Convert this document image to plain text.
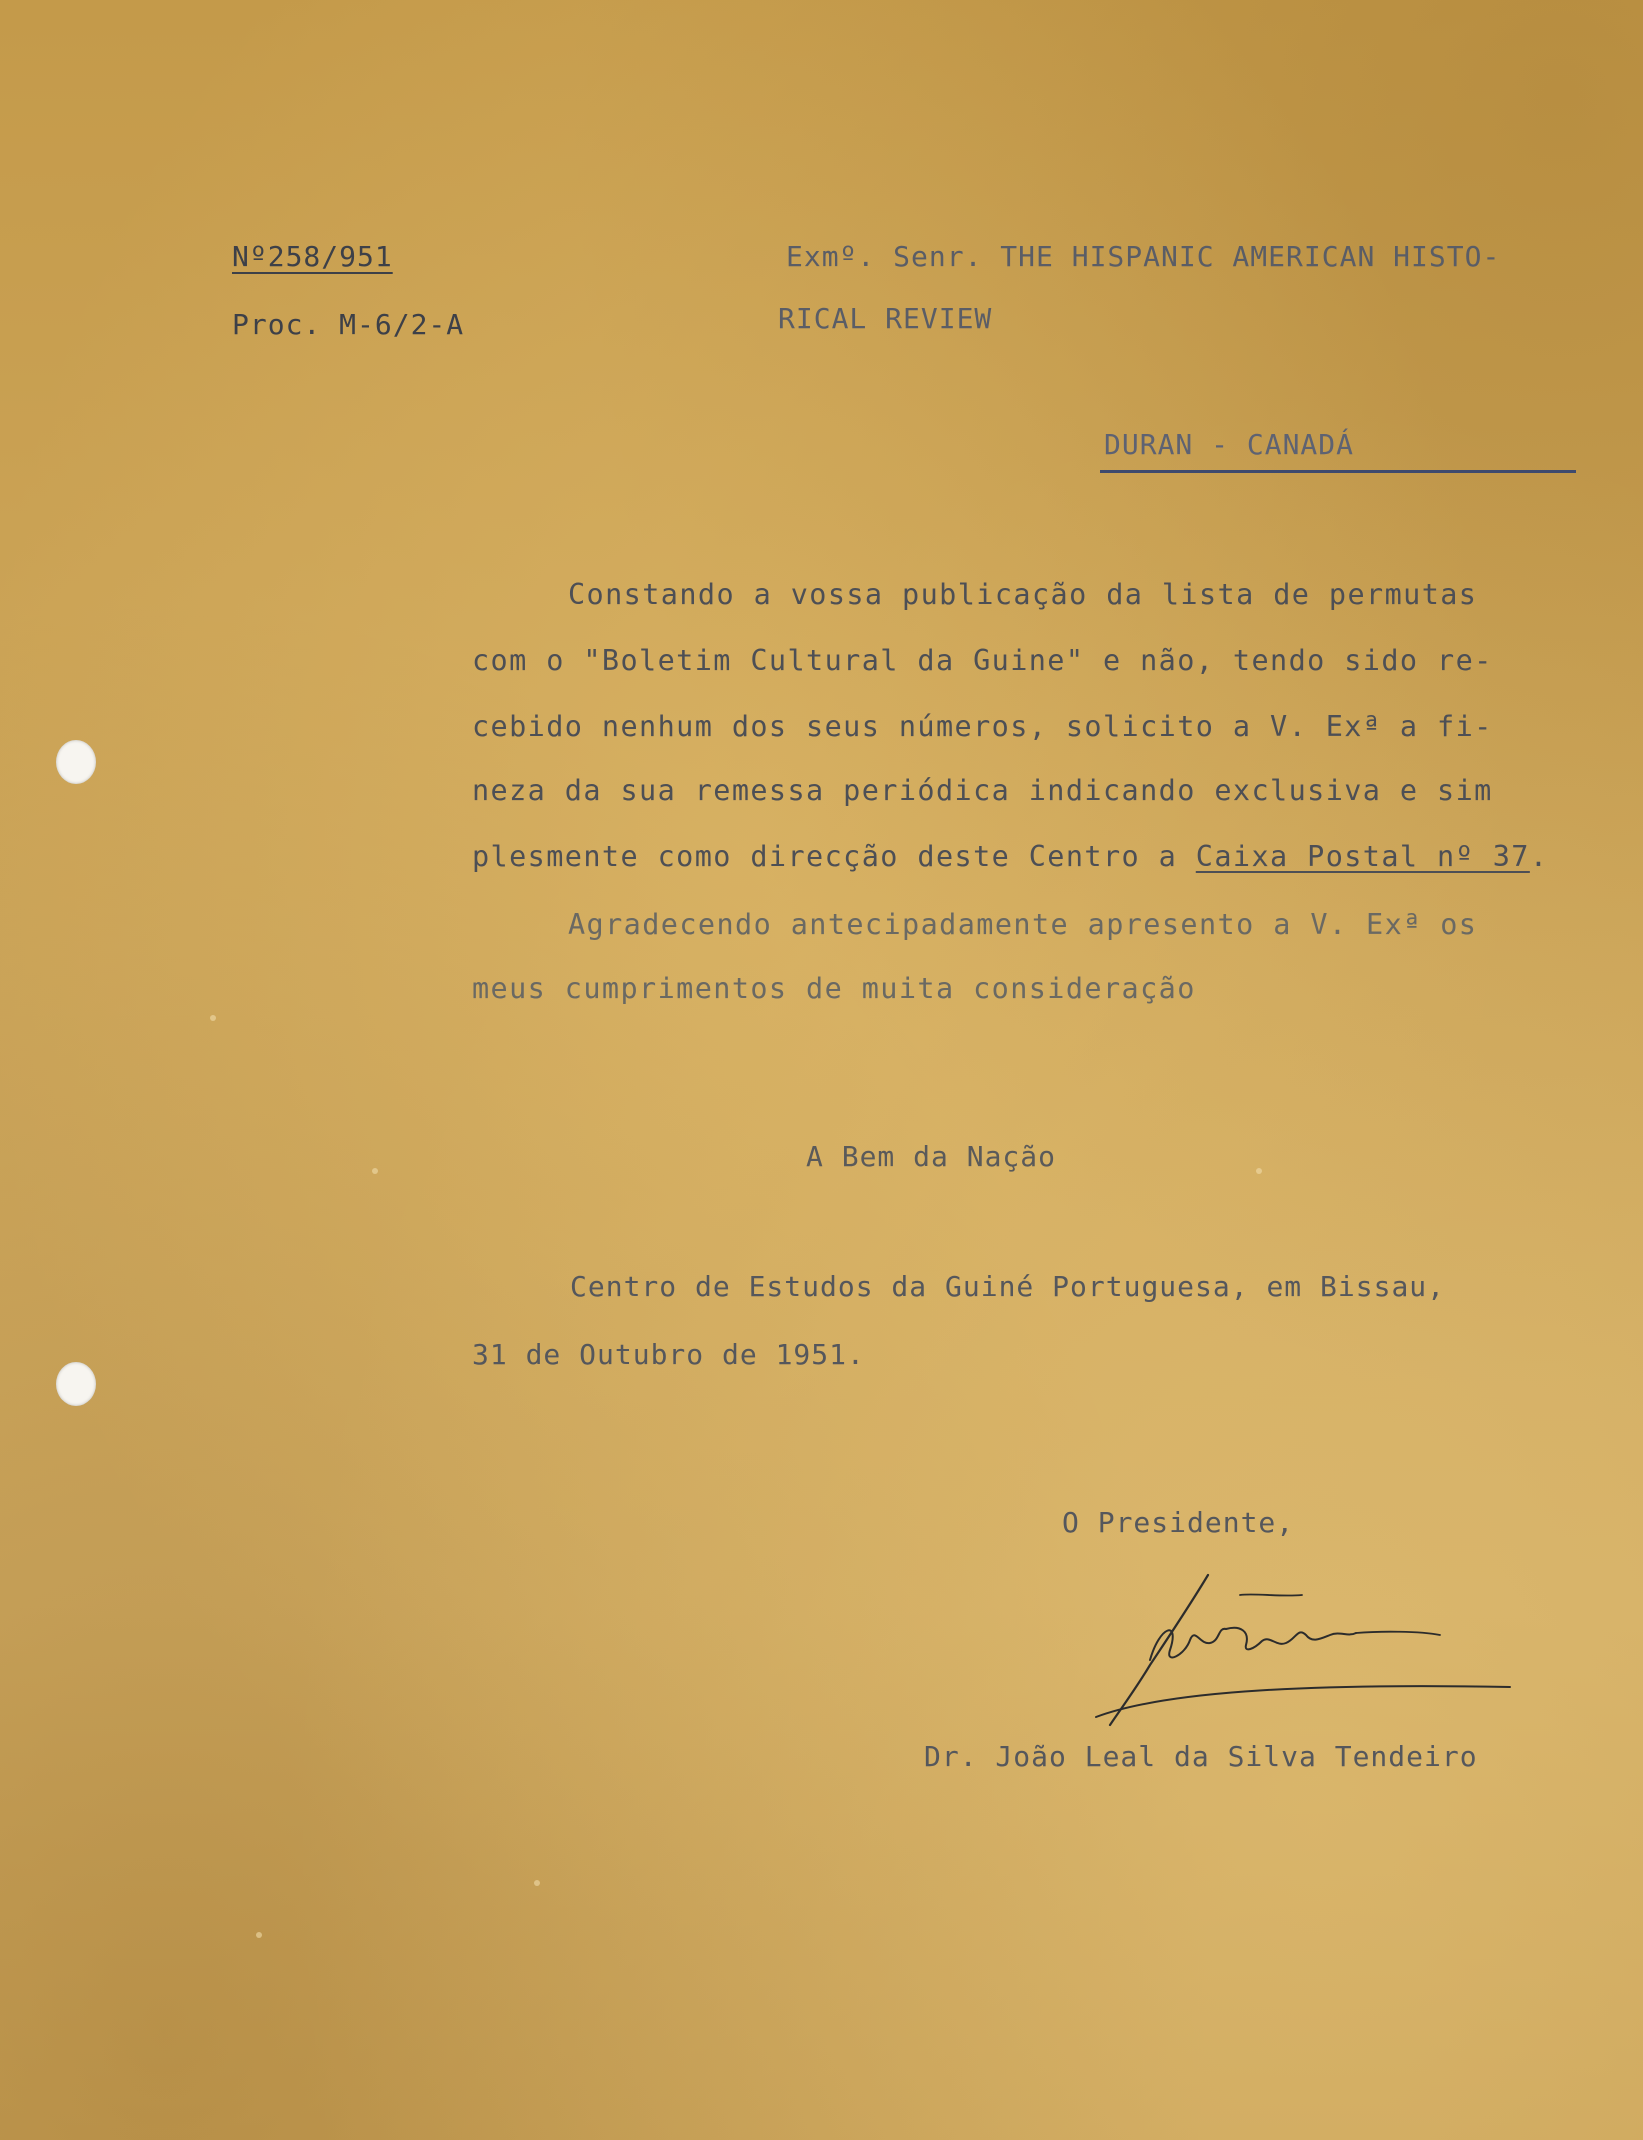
Nº258/951
Proc. M-6/2-A
Exmº. Senr. THE HISPANIC AMERICAN HISTO-
RICAL REVIEW
DURAN - CANADÁ
Constando a vossa publicação da lista de permutas
com o "Boletim Cultural da Guine" e não, tendo sido re-
cebido nenhum dos seus números, solicito a V. Exª a fi-
neza da sua remessa periódica indicando exclusiva e sim
plesmente como direcção deste Centro a Caixa Postal nº 37.
Agradecendo antecipadamente apresento a V. Exª os
meus cumprimentos de muita consideração
A Bem da Nação
Centro de Estudos da Guiné Portuguesa, em Bissau,
31 de Outubro de 1951.
O Presidente,
Dr. João Leal da Silva Tendeiro
